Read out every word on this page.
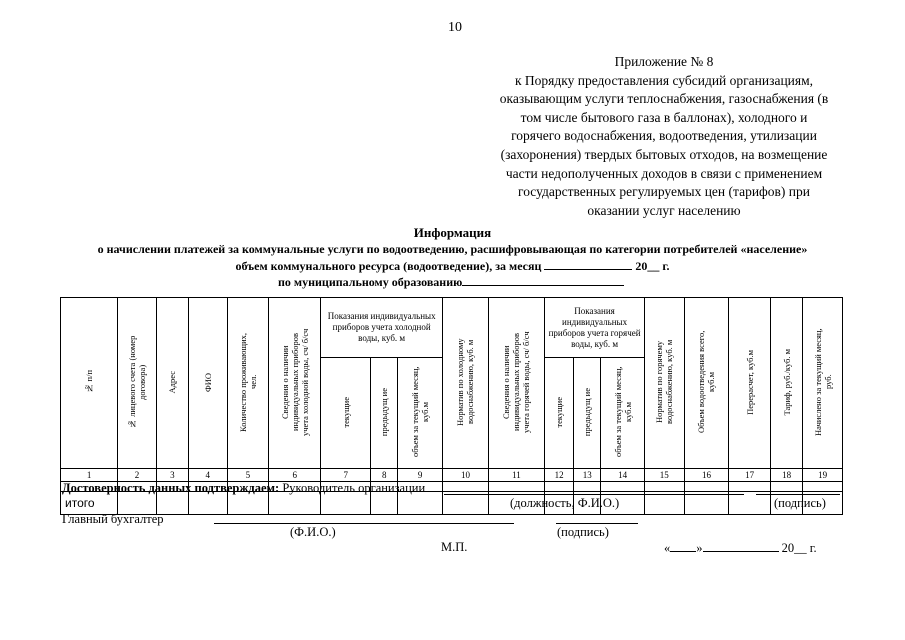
10
Приложение № 8
к Порядку предоставления субсидий организациям,
оказывающим услуги теплоснабжения, газоснабжения (в
том числе бытового газа в баллонах), холодного и
горячего водоснабжения, водоотведения, утилизации
(захоронения) твердых бытовых отходов, на возмещение
части недополученных доходов в связи с применением
государственных регулируемых цен (тарифов) при
оказании услуг населению
Информация
о начислении платежей за коммунальные услуги по водоотведению, расшифровывающая по категории потребителей «население»
объем коммунального ресурса (водоотведение), за месяц	20__ г.
по муниципальному образованию
№ п/п	№ лицевого счета (номер договора)	Адрес	ФИО	Количество проживающих, чел.	Сведения о наличии индивидуальных приборов учета холодной воды, сч/ б/сч	Показания индивидуальных приборов учета холодной воды, куб. м			Норматив по холодному водоснабжению, куб. м	Сведения о наличии индивидуальных приборов учета горячей воды, сч/ б/сч	Показания индивидуальных приборов учета горячей воды, куб. м			Норматив по горячему водоснабжению, куб. м	Объем водоотведения всего, куб.м	Перерасчет, куб.м	Тариф, руб./куб. м	Начислено за текущий месяц, руб.
						текущие	предыдущ ие	объем за текущий месяц, куб.м			текущие	предыдущ ие	объем за текущий месяц, куб.м					
1	2	3	4	5	6	7	8	9	10	11	12	13	14	15	16	17	18	19

итого																		
Достоверность данных подтверждаем: Руководитель организации
(должность, Ф.И.О.)	(подпись)
Главный бухгалтер
(Ф.И.О.)	(подпись)
М.П.	« »	20__ г.
